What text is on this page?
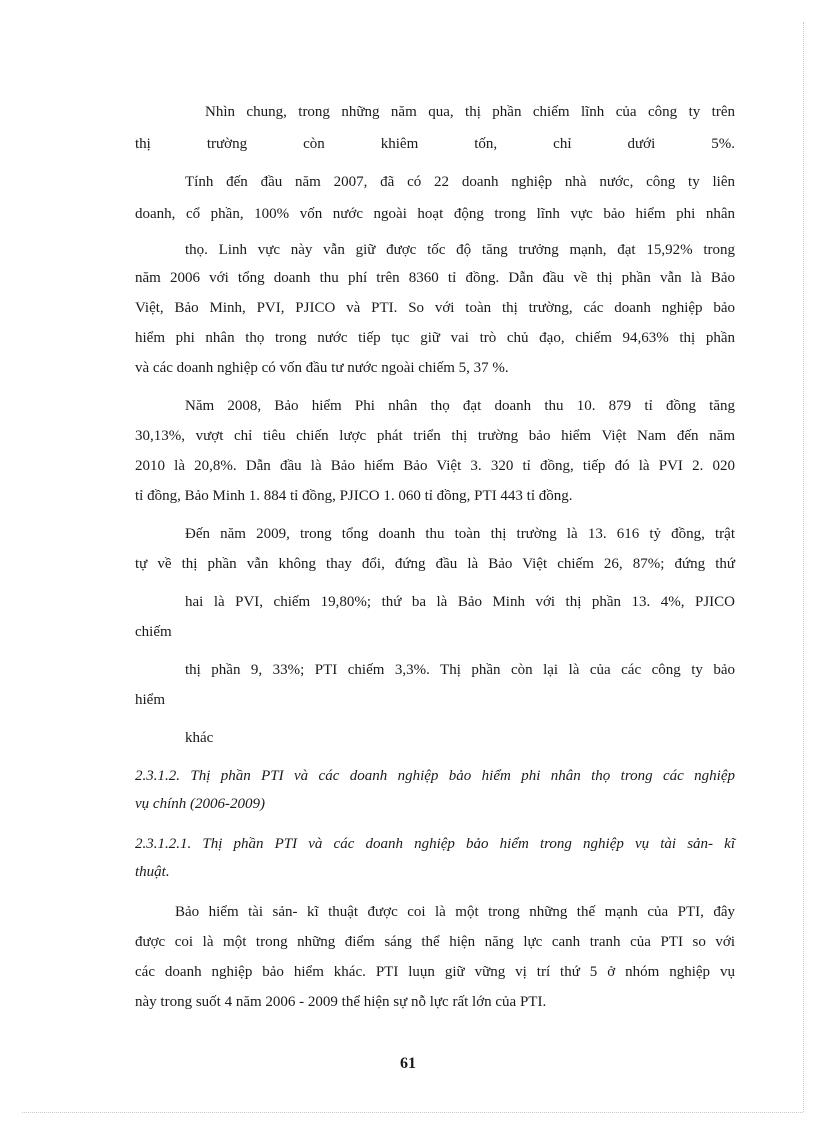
Nhìn chung, trong những năm qua, thị phần chiếm lĩnh của công ty trên
thị trường còn khiêm tốn, chỉ dưới 5%.
Tính đến đầu năm 2007, đã có 22 doanh nghiệp nhà nước, công ty liên
doanh, cổ phần, 100% vốn nước ngoài hoạt động trong lĩnh vực bảo hiểm phi nhân
thọ. Linh vực này vẫn giữ được tốc độ tăng trưởng mạnh, đạt 15,92% trong
năm 2006 với tổng doanh thu phí trên 8360 tỉ đồng. Dẫn đầu về thị phần vẫn là Bảo
Việt, Bảo Minh, PVI, PJICO và PTI. So với toàn thị trường, các doanh nghiệp bảo
hiểm phi nhân thọ trong nước tiếp tục giữ vai trò chủ đạo, chiếm 94,63% thị phần
và các doanh nghiệp có vốn đầu tư nước ngoài chiếm 5, 37 %.
Năm 2008, Bảo hiểm Phi nhân thọ đạt doanh thu 10. 879 tỉ đồng tăng
30,13%, vượt chỉ tiêu chiến lược phát triển thị trường bảo hiểm Việt Nam đến năm
2010 là 20,8%. Dẫn đầu là Bảo hiểm Bảo Việt 3. 320 tỉ đồng, tiếp đó là PVI 2. 020
tỉ đồng, Bảo Minh 1. 884 tỉ đồng, PJICO 1. 060 tỉ đồng, PTI 443 tỉ đồng.
Đến năm 2009, trong tổng doanh thu toàn thị trường là 13. 616 tỷ đồng, trật
tự về thị phần vẫn không thay đổi, đứng đầu là Bảo Việt chiếm 26, 87%; đứng thứ
hai là PVI, chiếm 19,80%; thứ ba là Bảo Minh với thị phần 13. 4%, PJICO
chiếm
thị phần 9, 33%; PTI chiếm 3,3%. Thị phần còn lại là của các công ty bảo
hiểm
khác
2.3.1.2. Thị phần PTI và các doanh nghiệp bảo hiểm phi nhân thọ trong các nghiệp
vụ chính (2006-2009)
2.3.1.2.1. Thị phần PTI và các doanh nghiệp bảo hiểm trong nghiệp vụ tài sản- kĩ
thuật.
Bảo hiểm tài sản- kĩ thuật được coi là một trong những thế mạnh của PTI, đây
được coi là một trong những điểm sáng thể hiện năng lực canh tranh của PTI so với
các doanh nghiệp bảo hiểm khác. PTI luụn giữ vững vị trí thứ 5 ở nhóm nghiệp vụ
này trong suốt 4 năm 2006 - 2009 thể hiện sự nỗ lực rất lớn của PTI.
61
